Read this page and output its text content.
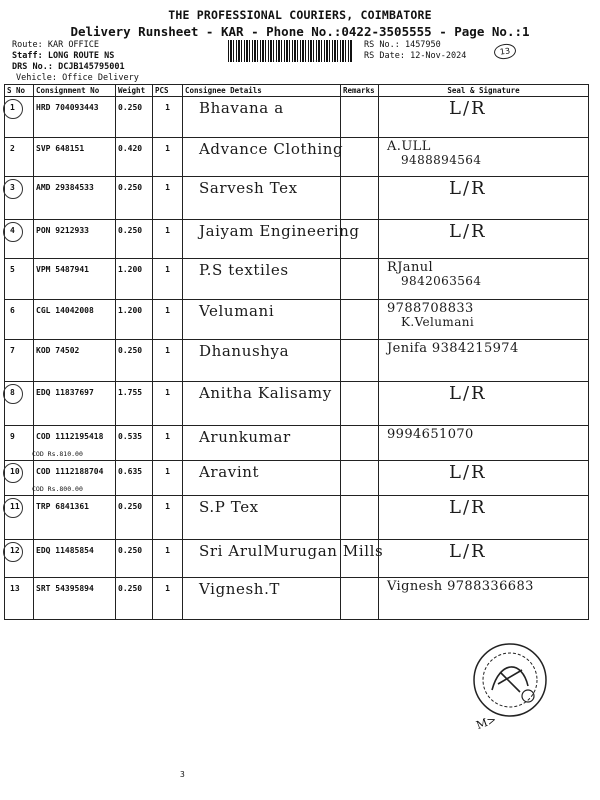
THE PROFESSIONAL COURIERS, COIMBATORE
Delivery Runsheet - KAR - Phone No.:0422-3505555 - Page No.:1
Route: KAR OFFICE
Staff: LONG ROUTE NS
DRS No.: DCJB145795001
Vehicle: Office Delivery
RS No.: 1457950
RS Date: 12-Nov-2024	13
S No	Consignment No	Weight	PCS	Consignee Details	Remarks	Seal & Signature

1	HRD 704093443	0.250	1	Bhavana a		L/R

2	SVP 648151	0.420	1	Advance Clothing		A.ULL
9488894564

3	AMD 29384533	0.250	1	Sarvesh Tex		L/R

4	PON 9212933	0.250	1	Jaiyam Engineering		L/R

5	VPM 5487941	1.200	1	P.S textiles		RJanul
9842063564

6	CGL 14042008	1.200	1	Velumani		9788708833
K.Velumani

7	KOD 74502	0.250	1	Dhanushya		Jenifa 9384215974

8	EDQ 11837697	1.755	1	Anitha Kalisamy		L/R

9	COD 1112195418
COD Rs.810.00	0.535	1	Arunkumar		9994651070

10	COD 1112188704
COD Rs.800.00	0.635	1	Aravint		L/R

11	TRP 6841361	0.250	1	S.P Tex		L/R

12	EDQ 11485854	0.250	1	Sri ArulMurugan Mills		L/R

13	SRT 54395894	0.250	1	Vignesh.T		Vignesh 9788336683
M>
3
